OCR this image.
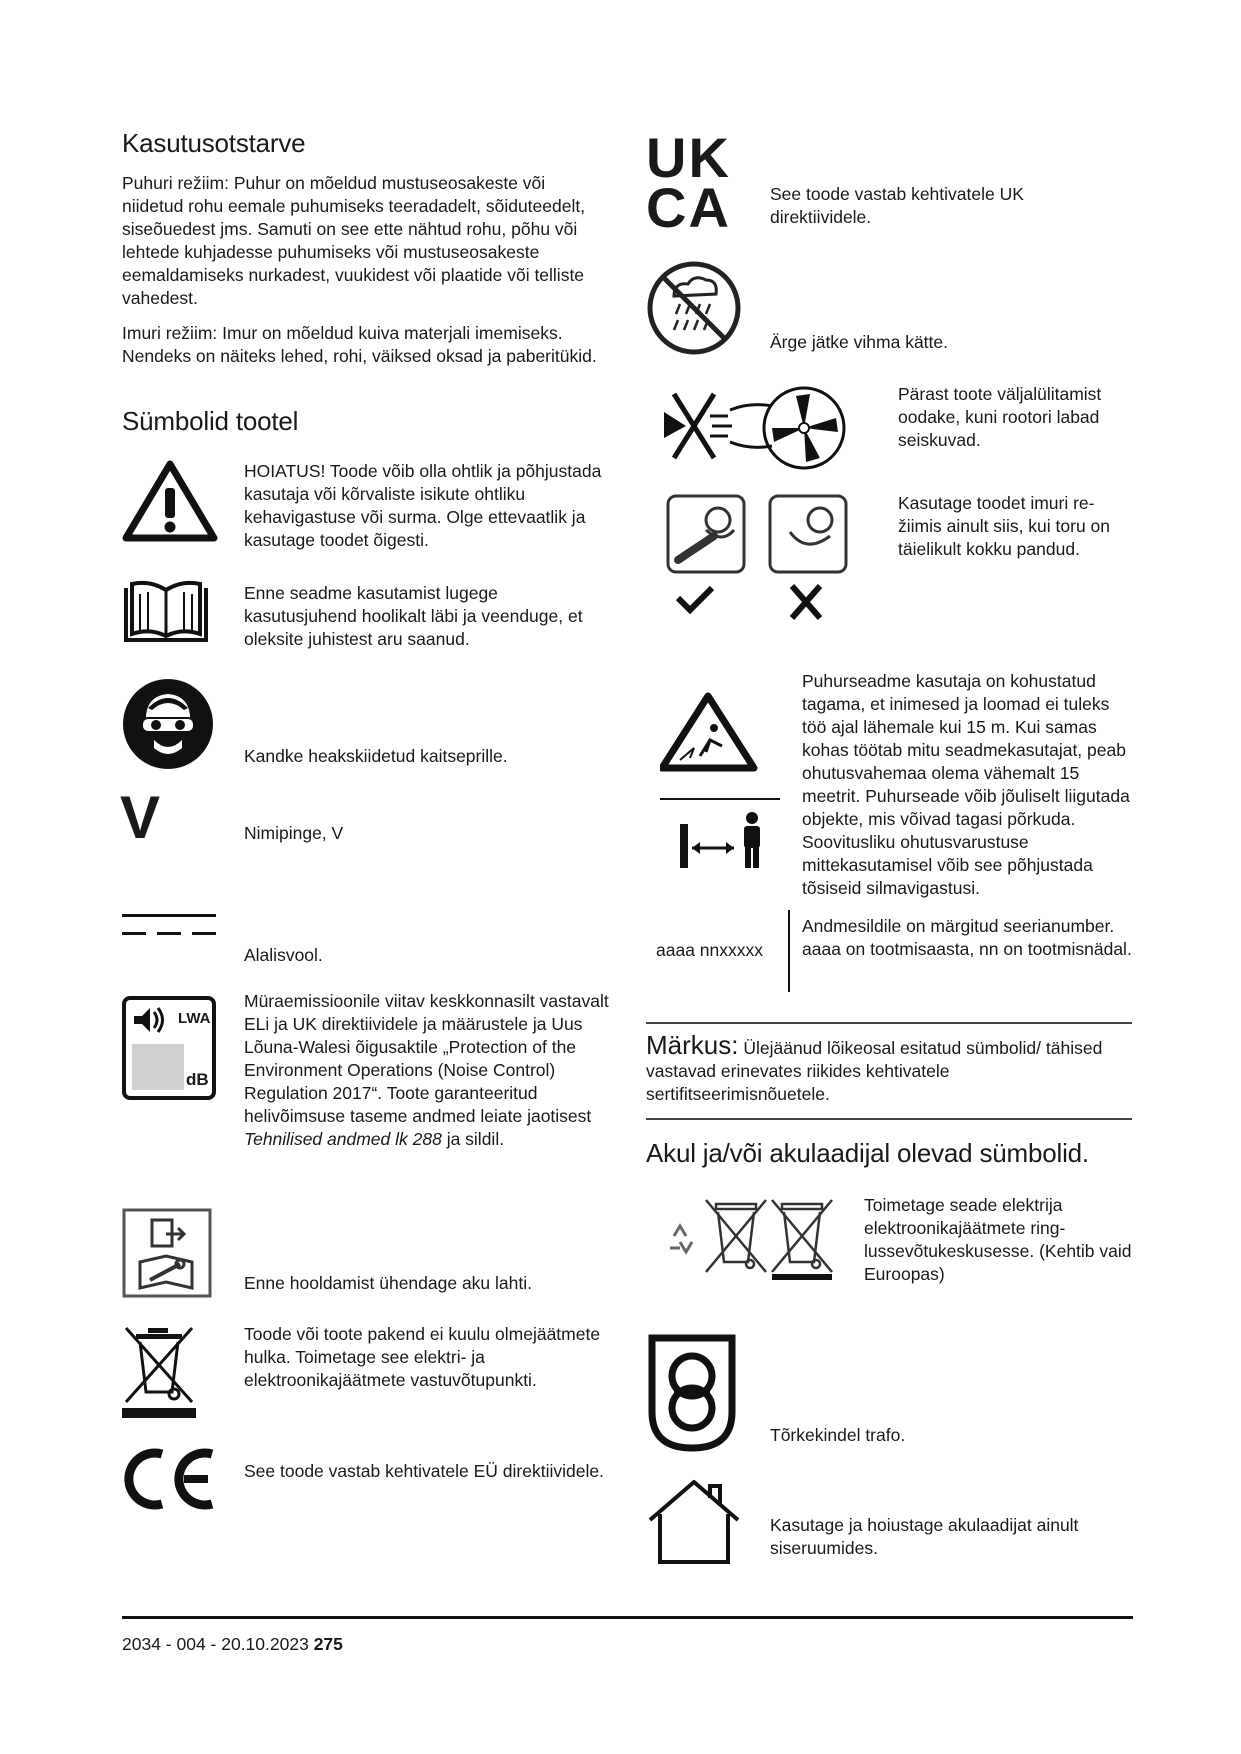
Kasutusotstarve
Puhuri režiim: Puhur on mõeldud mustuseosakeste või niidetud rohu eemale puhumiseks teeradadelt, sõiduteedelt, siseõuedest jms. Samuti on see ette nähtud rohu, põhu või lehtede kuhjadesse puhumiseks või mustuseosakeste eemaldamiseks nurkadest, vuukidest või plaatide või telliste vahedest.
Imuri režiim: Imur on mõeldud kuiva materjali imemiseks. Nendeks on näiteks lehed, rohi, väiksed oksad ja paberitükid.
Sümbolid tootel
HOIATUS! Toode võib olla ohtlik ja põhjustada kasutaja või kõrvaliste isikute ohtliku kehavigastuse või surma. Olge ettevaatlik ja kasutage toodet õigesti.
Enne seadme kasutamist lugege kasutusjuhend hoolikalt läbi ja veenduge, et oleksite juhistest aru saanud.
Kandke heakskiidetud kaitseprille.
V	Nimipinge, V
Alalisvool.
LWA
dB
Müraemissioonile viitav keskkonnasilt vastavalt ELi ja UK direktiividele ja määrustele ja Uus Lõuna-Walesi õigusaktile „Protection of the Environment Operations (Noise Control) Regulation 2017“. Toote garanteeritud helivõimsuse taseme andmed leiate jaotisest Tehnilised andmed lk 288 ja sildil.
Enne hooldamist ühendage aku lahti.
Toode või toote pakend ei kuulu olmejäätmete hulka. Toimetage see elektri- ja elektroonikajäätmete vastuvõtupunkti.
See toode vastab kehtivatele EÜ direktiividele.
UK
CA See toode vastab kehtivatele UK direktiividele.
Ärge jätke vihma kätte.
Pärast toote väljalülitamist oodake, kuni rootori labad seiskuvad.
Kasutage toodet imuri režiimis ainult siis, kui toru on täielikult kokku pandud.
Puhurseadme kasutaja on kohustatud tagama, et inimesed ja loomad ei tuleks töö ajal lähemale kui 15 m. Kui samas kohas töötab mitu seadmekasutajat, peab ohutusvahemaa olema vähemalt 15 meetrit. Puhurseade võib jõuliselt liigutada objekte, mis võivad tagasi põrkuda. Soovitusliku ohutusvarustuse mittekasutamisel võib see põhjustada tõsiseid silmavigastusi.
aaaa nnxxxxx
Andmesildile on märgitud seerianumber. aaaa on tootmisaasta, nn on tootmisnädal.
Märkus: Ülejäänud lõikeosal esitatud sümbolid/ tähised vastavad erinevates riikides kehtivatele sertifitseerimisnõuetele.
Akul ja/või akulaadijal olevad sümbolid.
Toimetage seade elektrija elektroonikajäätmete ringlussevõtukeskusesse. (Kehtib vaid Euroopas)
Tõrkekindel trafo.
Kasutage ja hoiustage akulaadijat ainult siseruumides.
2034 - 004 - 20.10.2023 275
